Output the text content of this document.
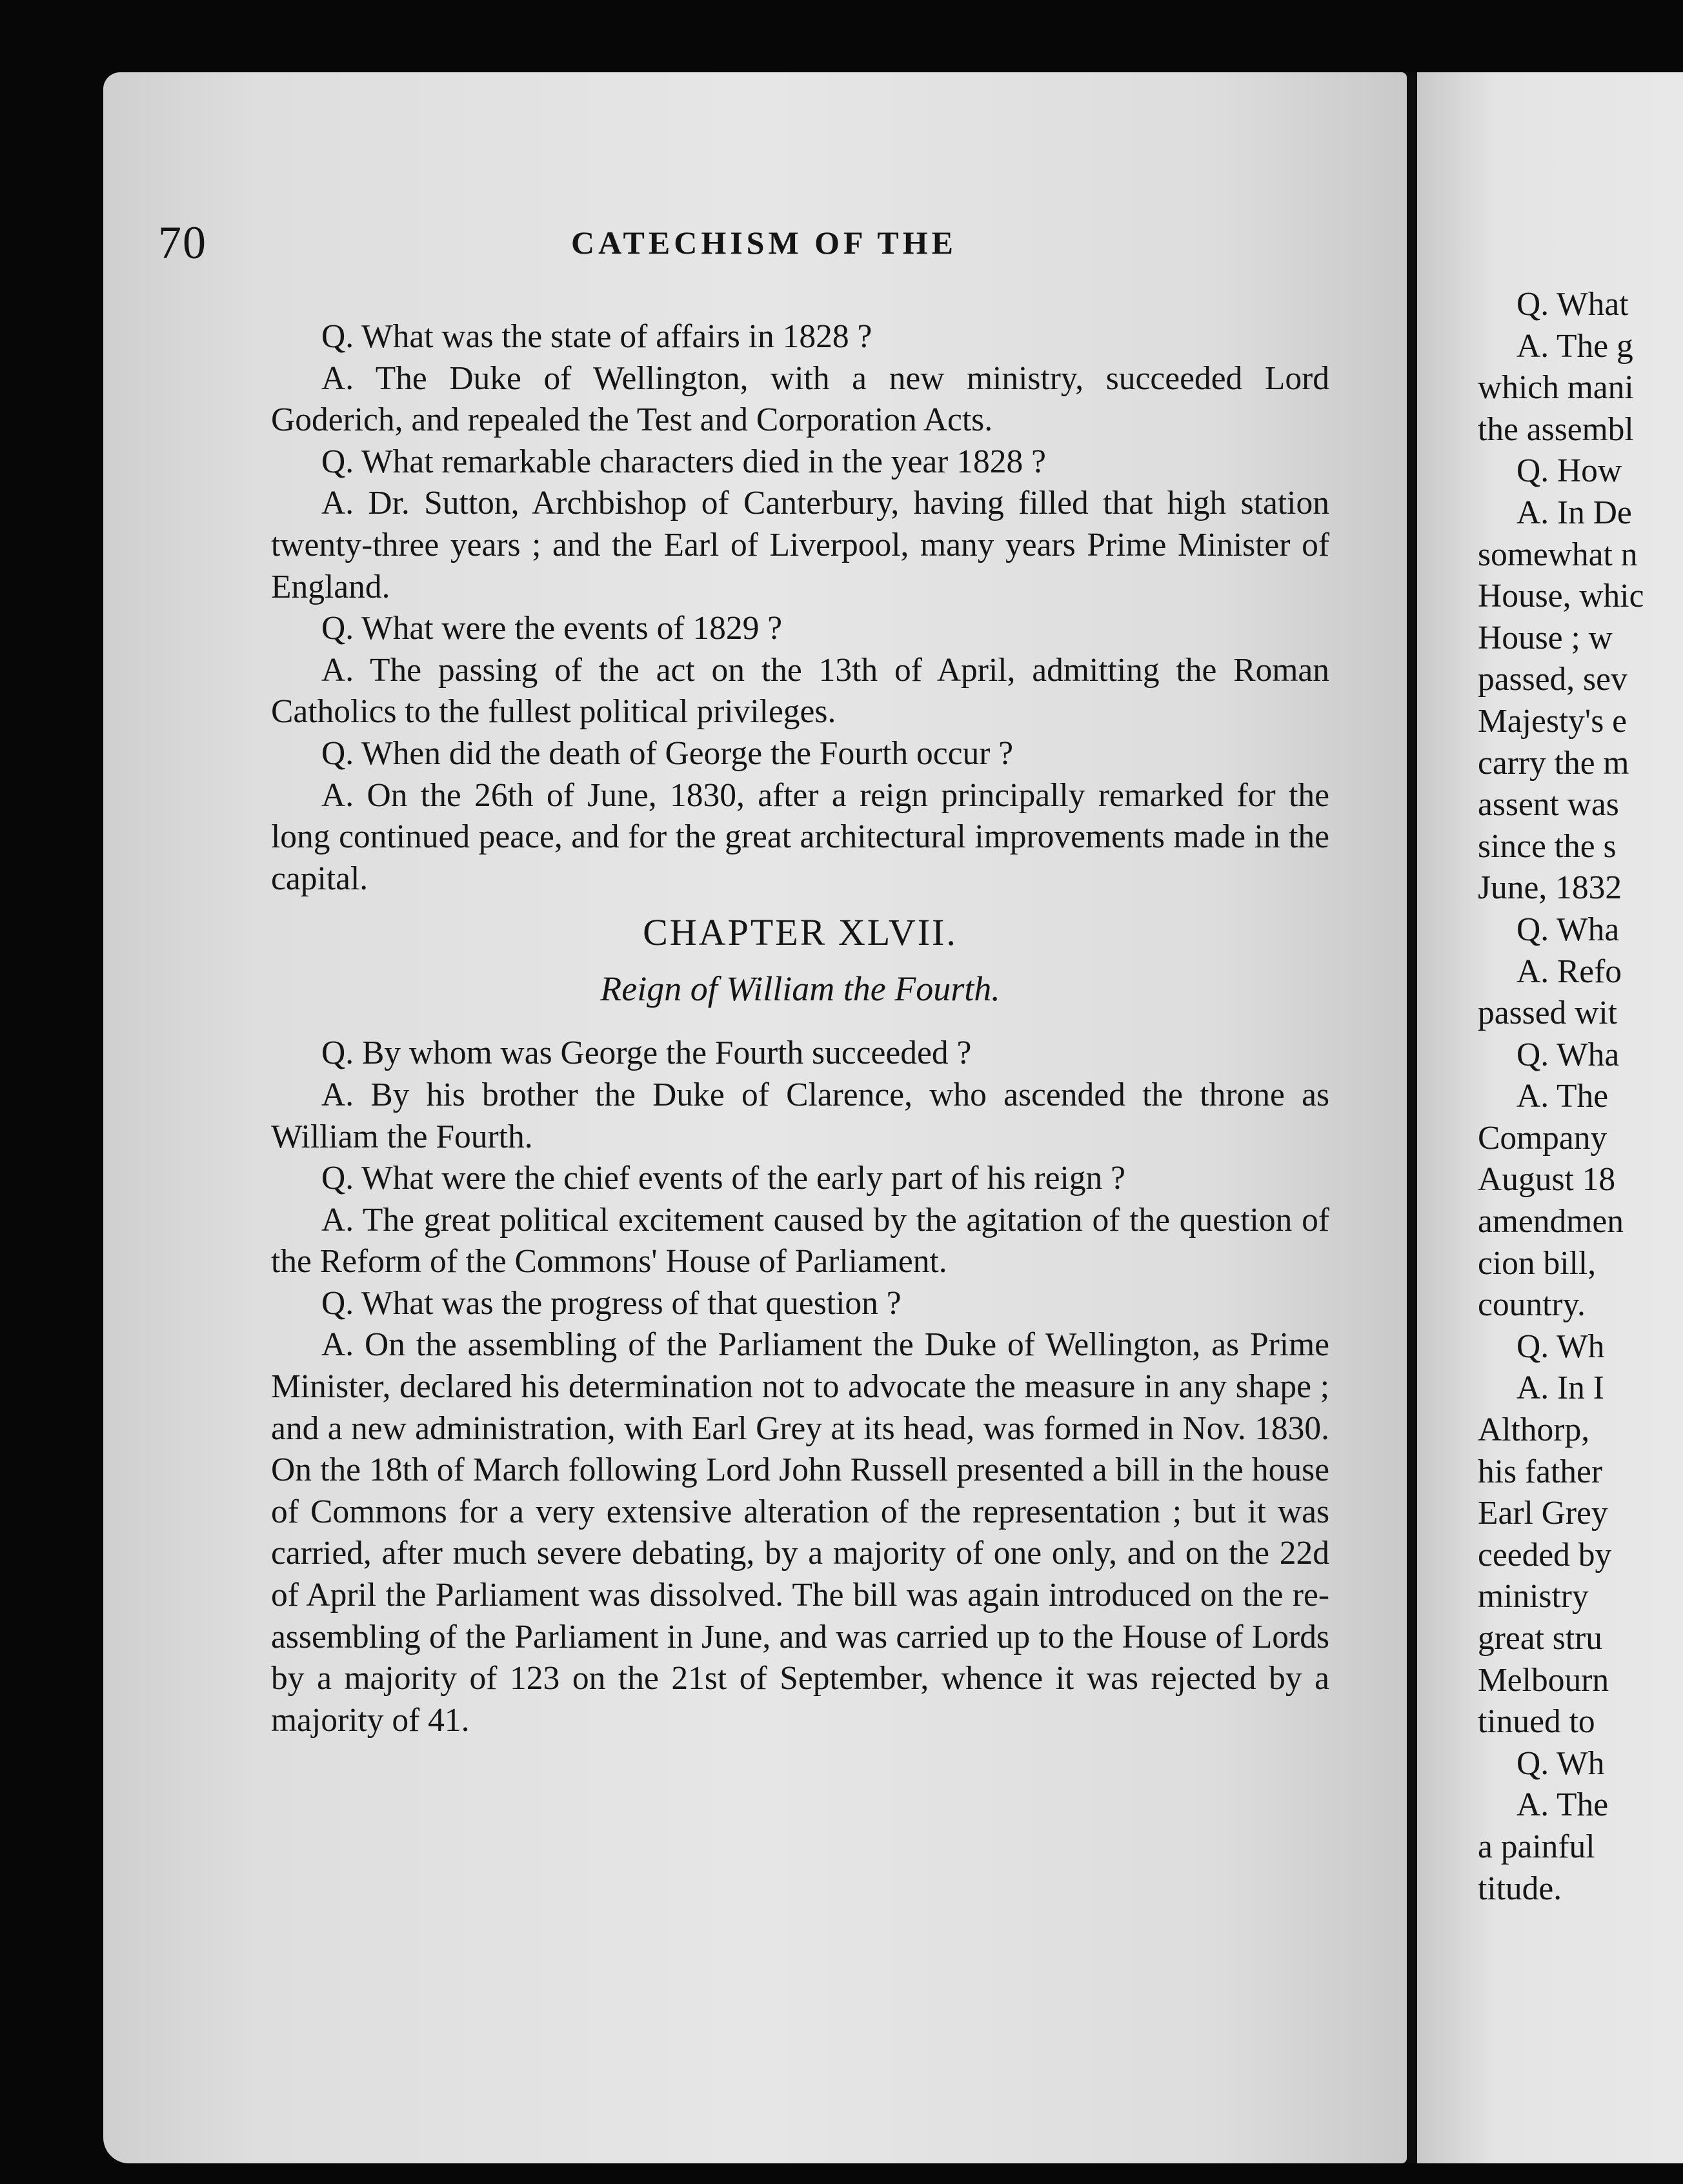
70	CATECHISM OF THE

Q. What was the state of affairs in 1828 ?

A. The Duke of Wellington, with a new ministry, succeeded Lord Goderich, and repealed the Test and Corporation Acts.

Q. What remarkable characters died in the year 1828 ?

A. Dr. Sutton, Archbishop of Canterbury, having filled that high station twenty-three years ; and the Earl of Liverpool, many years Prime Minister of England.

Q. What were the events of 1829 ?

A. The passing of the act on the 13th of April, admitting the Roman Catholics to the fullest political privileges.

Q. When did the death of George the Fourth occur ?

A. On the 26th of June, 1830, after a reign principally remarked for the long continued peace, and for the great architectural improvements made in the capital.

CHAPTER XLVII.

Reign of William the Fourth.

Q. By whom was George the Fourth succeeded ?

A. By his brother the Duke of Clarence, who ascended the throne as William the Fourth.

Q. What were the chief events of the early part of his reign ?

A. The great political excitement caused by the agitation of the question of the Reform of the Commons' House of Parliament.

Q. What was the progress of that question ?

A. On the assembling of the Parliament the Duke of Wellington, as Prime Minister, declared his determination not to advocate the measure in any shape ; and a new administration, with Earl Grey at its head, was formed in Nov. 1830. On the 18th of March following Lord John Russell presented a bill in the house of Commons for a very extensive alteration of the representation ; but it was carried, after much severe debating, by a majority of one only, and on the 22d of April the Parliament was dissolved. The bill was again introduced on the re-assembling of the Parliament in June, and was carried up to the House of Lords by a majority of 123 on the 21st of September, whence it was rejected by a majority of 41.

Q. What

A. The g

which mani

the assembl

Q. How

A. In De

somewhat n

House, whic

House ; w

passed, sev

Majesty's e

carry the m

assent was

since the s

June, 1832

Q. Wha

A. Refo

passed wit

Q. Wha

A. The

Company

August 18

amendmen

cion bill,

country.

Q. Wh

A. In I

Althorp,

his father

Earl Grey

ceeded by

ministry

great stru

Melbourn

tinued to

Q. Wh

A. The

a painful

titude.
